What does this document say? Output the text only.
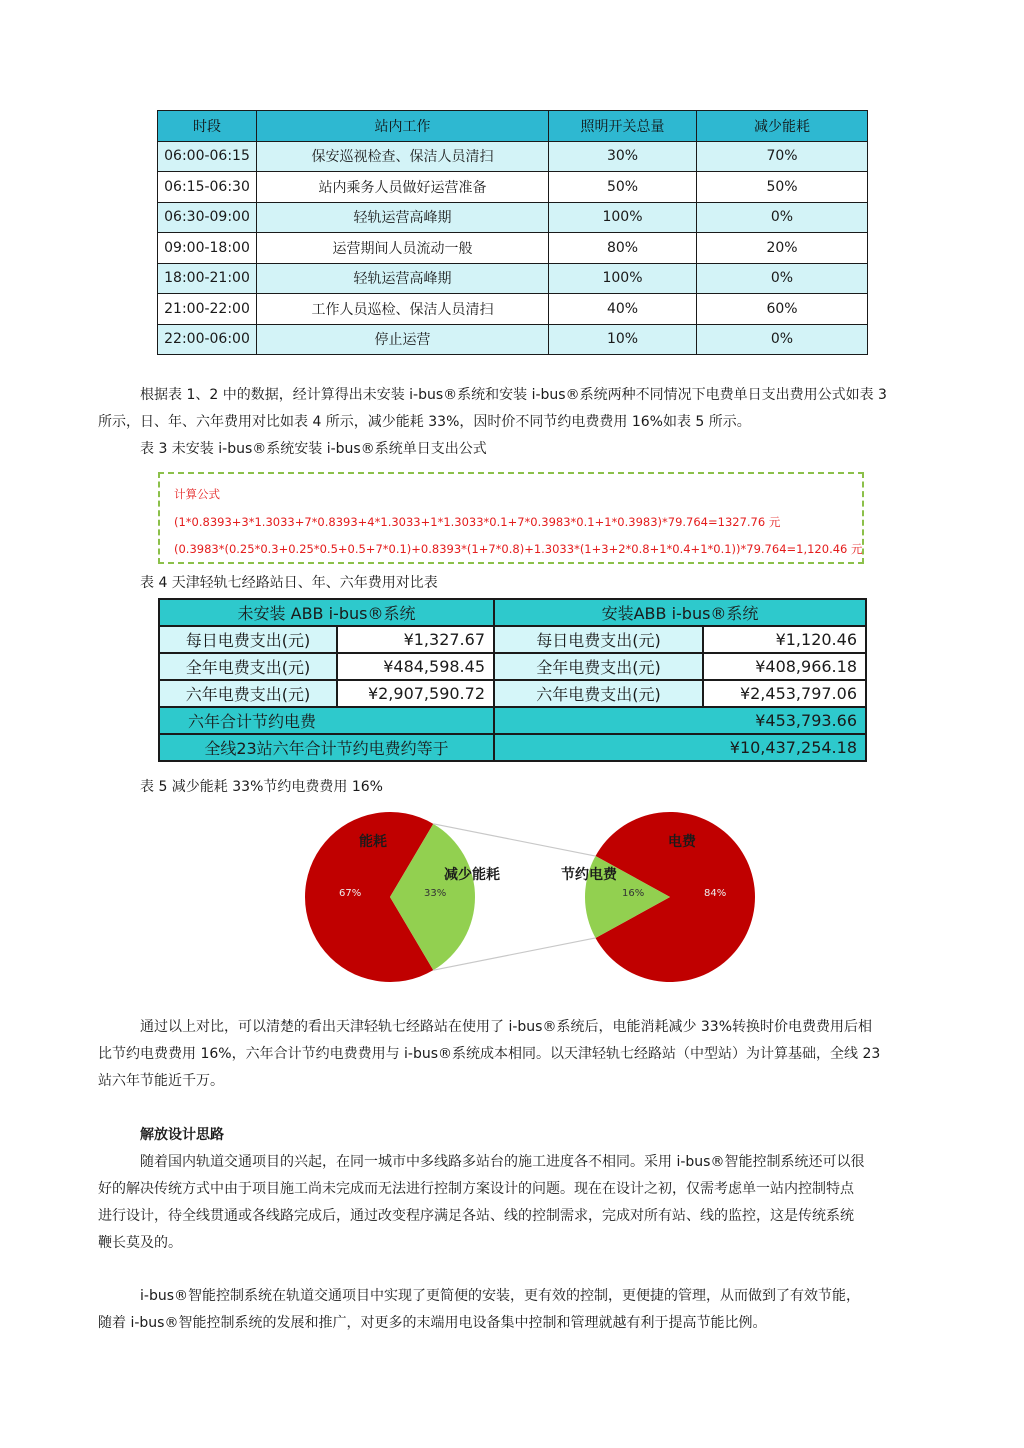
时段	站内工作	照明开关总量	减少能耗
06:00-06:15	保安巡视检查、保洁人员清扫	30%	70%
06:15-06:30	站内乘务人员做好运营准备	50%	50%
06:30-09:00	轻轨运营高峰期	100%	0%
09:00-18:00	运营期间人员流动一般	80%	20%
18:00-21:00	轻轨运营高峰期	100%	0%
21:00-22:00	工作人员巡检、保洁人员清扫	40%	60%
22:00-06:00	停止运营	10%	0%
根据表 1、2 中的数据，经计算得出未安装 i-bus®系统和安装 i-bus®系统两种不同情况下电费单日支出费用公式如表 3
所示，日、年、六年费用对比如表 4 所示，减少能耗 33%，因时价不同节约电费费用 16%如表 5 所示。
表 3 未安装 i-bus®系统安装 i-bus®系统单日支出公式
计算公式
(1*0.8393+3*1.3033+7*0.8393+4*1.3033+1*1.3033*0.1+7*0.3983*0.1+1*0.3983)*79.764=1327.76 元
(0.3983*(0.25*0.3+0.25*0.5+0.5+7*0.1)+0.8393*(1+7*0.8)+1.3033*(1+3+2*0.8+1*0.4+1*0.1))*79.764=1,120.46 元
表 4 天津轻轨七经路站日、年、六年费用对比表
未安装 ABB i-bus®系统		安装ABB i-bus®系统	
每日电费支出(元)	¥1,327.67	每日电费支出(元)	¥1,120.46
全年电费支出(元)	¥484,598.45	全年电费支出(元)	¥408,966.18
六年电费支出(元)	¥2,907,590.72	六年电费支出(元)	¥2,453,797.06
六年合计节约电费		¥453,793.66	
全线23站六年合计节约电费约等于		¥10,437,254.18	
表 5 减少能耗 33%节约电费费用 16%
能耗
减少能耗
67%	33%
电费
节约电费
16%	84%
通过以上对比，可以清楚的看出天津轻轨七经路站在使用了 i-bus®系统后，电能消耗减少 33%转换时价电费费用后相
比节约电费费用 16%，六年合计节约电费费用与 i-bus®系统成本相同。以天津轻轨七经路站（中型站）为计算基础，全线 23
站六年节能近千万。
解放设计思路
随着国内轨道交通项目的兴起，在同一城市中多线路多站台的施工进度各不相同。采用 i-bus®智能控制系统还可以很
好的解决传统方式中由于项目施工尚未完成而无法进行控制方案设计的问题。现在在设计之初，仅需考虑单一站内控制特点
进行设计，待全线贯通或各线路完成后，通过改变程序满足各站、线的控制需求，完成对所有站、线的监控，这是传统系统
鞭长莫及的。
i-bus®智能控制系统在轨道交通项目中实现了更简便的安装，更有效的控制，更便捷的管理，从而做到了有效节能，
随着 i-bus®智能控制系统的发展和推广，对更多的末端用电设备集中控制和管理就越有利于提高节能比例。
